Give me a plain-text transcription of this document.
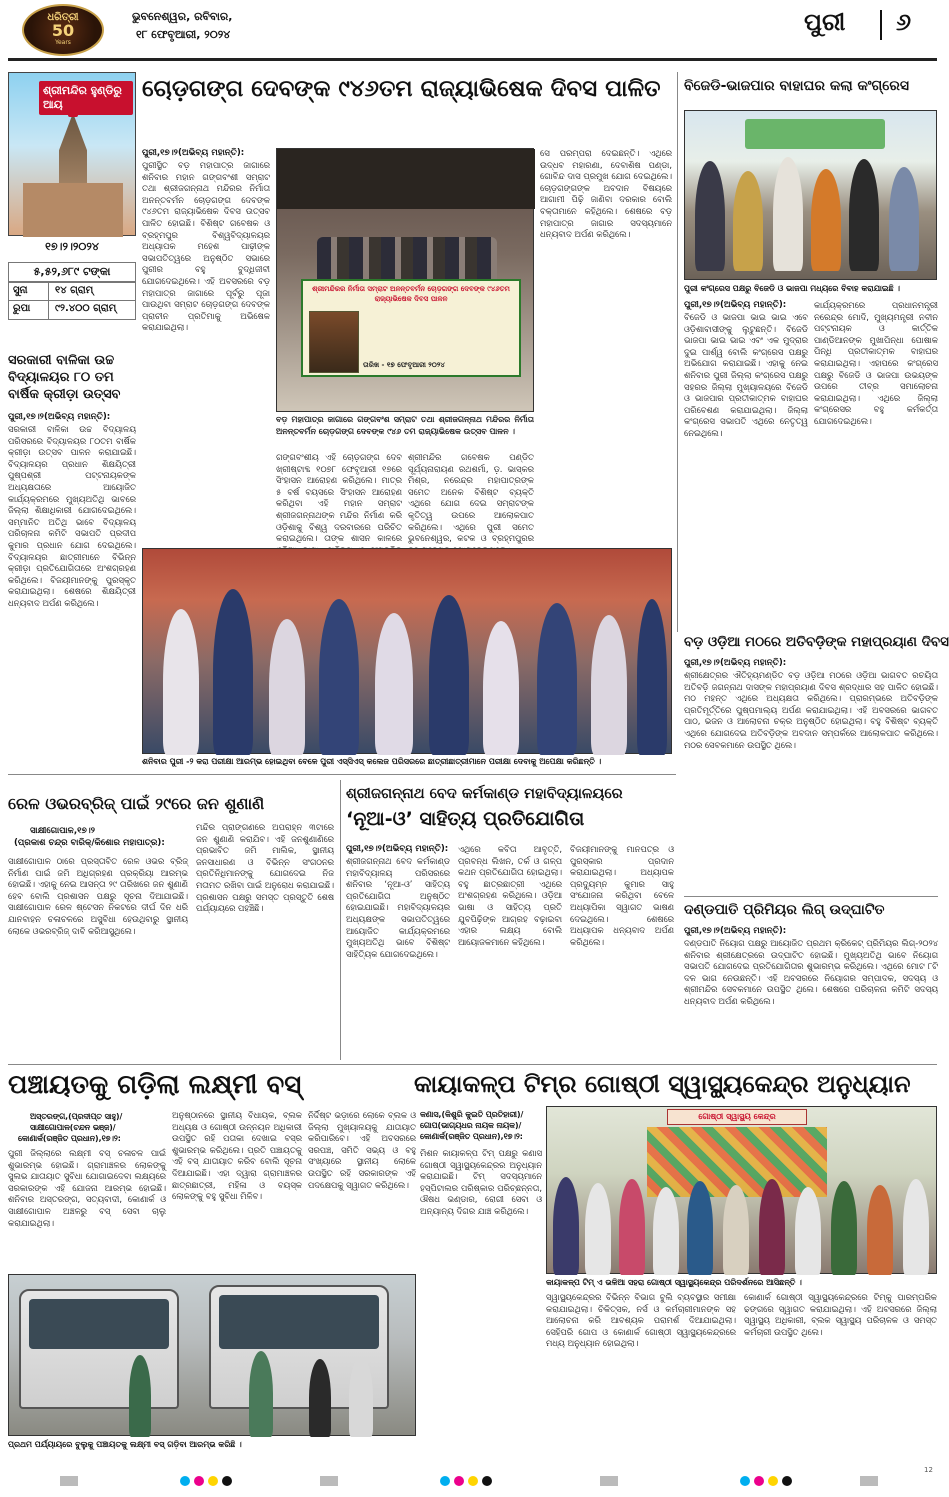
ଧରିତ୍ରୀ
50
Years
ଭୁବନେଶ୍ୱର, ରବିବାର,
୧୮ ଫେବୃଆରୀ, ୨୦୨୪	ପୁରୀ ୬
ଶ୍ରୀମନ୍ଦିର ହୁଣ୍ଡିରୁ ଆୟ
୧୭।୨।୨୦୨୪
୫,୫୨,୬୮୯ ଟଙ୍କା
ସୁନା	୧୪ ଗ୍ରାମ୍
ରୁପା	୯୨.୪୦୦ ଗ୍ରାମ୍
ଚୋଡ଼ଗଙ୍ଗ ଦେବଙ୍କ ୯୪୬ତମ ରାଜ୍ୟାଭିଷେକ ଦିବସ ପାଳିତ
ପୁରୀ,୧୭।୨(ଅଭିବ୍ୟ ମହାନ୍ତି):
ପୁରୀସ୍ଥିତ ବଡ଼ ମହାପାତ୍ର ଜାଗାରେ ଶନିବାର ମହାନ ଗଙ୍ଗବଂଶୀ ସମ୍ରାଟ ତଥା ଶ୍ରୀଜଗନ୍ନାଥ ମନ୍ଦିରର ନିର୍ମାତା ଅନନ୍ତବର୍ମନ ଚୋଡ଼ଗଙ୍ଗ ଦେବଙ୍କ ୯୪୬ତମ ରାଜ୍ୟାଭିଷେକ ଦିବସ ଉତ୍ସବ ପାଳିତ ହୋଇଛି। ବିଶିଷ୍ଟ ଗବେଷକ ଓ ବ୍ରହ୍ମପୁର ବିଶ୍ୱବିଦ୍ୟାଳୟର ଅଧ୍ୟାପକ ମହେଶ ପାଢ଼ୀଙ୍କ ସଭାପତିତ୍ୱରେ ଅନୁଷ୍ଠିତ ସଭାରେ ପୁରୀର ବହୁ ବୁଦ୍ଧିଜୀବୀ ଯୋଗଦେଇଥିଲେ। ଏହି ଅବସରରେ ବଡ଼ ମହାପାତ୍ର ଜାଗାରେ ପୂର୍ବରୁ ପୂଜା ପାଉଥିବା ସମ୍ରାଟ ଚୋଡ଼ଗଙ୍ଗ ଦେବଙ୍କ ପ୍ରାଚୀନ ପ୍ରତିମାକୁ ଅଭିଷେକ କରାଯାଇଥିଲା।
ଶ୍ରୀମନ୍ଦିରର ନିର୍ମାତା ସମ୍ରାଟ ଅନନ୍ତବର୍ମନ ଚୋଡ଼ଗଙ୍ଗ ଦେବଙ୍କ ୯୪୬ତମ ରାଜ୍ୟାଭିଷେକ ଦିବସ ପାଳନ
ତାରିଖ - ୧୭ ଫେବୃଆରୀ ୨୦୨୪
ବଡ଼ ମହାପାତ୍ର ଜାଗାରେ ଗଙ୍ଗବଂଶ ସମ୍ରାଟ ତଥା ଶ୍ରୀଜଗନ୍ନାଥ ମନ୍ଦିରର ନିର୍ମାତା ଅନନ୍ତବର୍ମନ ଚୋଡ଼ଗଙ୍ଗ ଦେବଙ୍କ ୯୪୬ ତମ ରାଜ୍ୟାଭିଷେକ ଉତ୍ସବ ପାଳନ ।
ଗଙ୍ଗବଂଶୀୟ ଏହି ଚୋଡ଼ଗଙ୍ଗ ଦେବ ଖ୍ରୀଷ୍ଟାବ୍ଦ ୧୦୭୮ ଫେବୃଆରୀ ୧୭ରେ ସିଂହାସନ ଆରୋହଣ କରିଥିଲେ। ମାତ୍ର ୫ ବର୍ଷ ବୟସରେ ସିଂହାସନ ଆରୋହଣ କରିଥିବା ଏହି ମହାନ ସମ୍ରାଟ ଶ୍ରୀଜଗନ୍ନାଥଙ୍କ ମନ୍ଦିର ନିର୍ମାଣ କରି ଓଡ଼ିଶାକୁ ବିଶ୍ୱ ଦରବାରରେ ପରିଚିତ କରାଇଥିଲେ। ତାଙ୍କ ଶାସନ କାଳରେ
ଶ୍ରୀମନ୍ଦିର ଗବେଷକ ପଣ୍ଡିତ ସୂର୍ଯ୍ୟନାରାୟଣ ରଥଶର୍ମା, ଡ଼. ଭାସ୍କର ମିଶ୍ର, ନରେନ୍ଦ୍ର ମହାପାତ୍ରଙ୍କ ସମେତ ଅନେକ ବିଶିଷ୍ଟ ବ୍ୟକ୍ତି ଏଥିରେ ଯୋଗ ଦେଇ ସମ୍ରାଟଙ୍କ କୃତିତ୍ୱ ଉପରେ ଆଲୋକପାତ କରିଥିଲେ। ଏଥିରେ ପୁରୀ ସମେତ ଭୁବନେଶ୍ୱର, କଟକ ଓ ବ୍ରହ୍ମପୁରର
ସେ ପରମ୍ପରା ଦେଇଛନ୍ତି। ଏଥିରେ ଉଦ୍ଧବ ମହାରଣା, ଦେବାଶିଷ ପଣ୍ଡା, ଗୋବିନ୍ଦ ଦାସ ପ୍ରମୁଖ ଯୋଗ ଦେଇଥିଲେ। ଚୋଡ଼ଗଙ୍ଗଙ୍କ ଅବଦାନ ବିଷୟରେ ଆଗାମୀ ପିଢ଼ି ଜାଣିବା ଦରକାର ବୋଲି ବକ୍ତାମାନେ କହିଥିଲେ। ଶେଷରେ ବଡ଼ ମହାପାତ୍ର ଜାଗାର ସଦସ୍ୟମାନେ ଧନ୍ୟବାଦ ଅର୍ପଣ କରିଥିଲେ।
ବିଜେଡି-ଭାଜପାର ବାହାଘର କଲା କଂଗ୍ରେସ
ପୁରୀ କଂଗ୍ରେସ ପକ୍ଷରୁ ବିଜେଡି ଓ ଭାଜପା ମଧ୍ୟରେ ବିବାହ କରାଯାଇଛି ।
ପୁରୀ,୧୭।୨(ଅଭିବ୍ୟ ମହାନ୍ତି):
ବିଜେଡି ଓ ଭାଜପା ଭାଇ ଭାଇ ଏବେ ଓଡ଼ିଶାବାସୀଙ୍କୁ ଲୁଟୁଛନ୍ତି। ବିଜେଡି ଭାଜପା ଭାଇ ଭାଇ ଏବଂ ଏକ ମୁଦ୍ରାର ଦୁଇ ପାର୍ଶ୍ୱ ବୋଲି କଂଗ୍ରେସ ପକ୍ଷରୁ ଅଭିଯୋଗ କରାଯାଇଛି। ଏହାକୁ ନେଇ ଶନିବାର ପୁରୀ ଜିଲ୍ଲା କଂଗ୍ରେସ ପକ୍ଷରୁ ସହରର ଜିଲ୍ଲା ମୁଖ୍ୟାଳୟରେ ବିଜେଡି ଓ ଭାଜପାର ପ୍ରତୀକାତ୍ମକ ବାହାଘର ପରିବେଶଣ କରାଯାଇଥିଲା। ଜିଲ୍ଲା କଂଗ୍ରେସ ସଭାପତି ଏଥିରେ ନେତୃତ୍ୱ ନେଇଥିଲେ।
କାର୍ଯ୍ୟକ୍ରମରେ ପ୍ରଧାନମନ୍ତ୍ରୀ ନରେନ୍ଦ୍ର ମୋଦି, ମୁଖ୍ୟମନ୍ତ୍ରୀ ନବୀନ ପଟ୍ଟନାୟକ ଓ କାର୍ତ୍ତିକ ପାଣ୍ଡିଆନଙ୍କ ମୁଖାପିନ୍ଧା ପୋଷାକ ପିନ୍ଧି ପ୍ରତୀକାତ୍ମକ ବାହାଘର କରାଯାଇଥିଲା। ଏହାପରେ କଂଗ୍ରେସ ପକ୍ଷରୁ ବିଜେଡି ଓ ଭାଜପା ଉଭୟଙ୍କ ଉପରେ ତୀବ୍ର ସମାଲୋଚନା କରାଯାଇଥିଲା। ଏଥିରେ ଜିଲ୍ଲା କଂଗ୍ରେସର ବହୁ କର୍ମକର୍ତ୍ତା ଯୋଗଦେଇଥିଲେ।
ସରକାରୀ ବାଳିକା ଉଚ୍ଚ ବିଦ୍ୟାଳୟର ୮୦ ତମ ବାର୍ଷିକ କ୍ରୀଡ଼ା ଉତ୍ସବ
ପୁରୀ,୧୭।୨(ଅଭିବ୍ୟ ମହାନ୍ତି):
ସରକାରୀ ବାଳିକା ଉଚ୍ଚ ବିଦ୍ୟାଳୟ ପରିସରରେ ବିଦ୍ୟାଳୟର ୮୦ତମ ବାର୍ଷିକ କ୍ରୀଡ଼ା ଉତ୍ସବ ପାଳନ କରାଯାଇଛି। ବିଦ୍ୟାଳୟର ପ୍ରଧାନ ଶିକ୍ଷୟିତ୍ରୀ ପୁଷ୍ପଶ୍ରୀ ପଟ୍ଟନାୟକଙ୍କ ଅଧ୍ୟକ୍ଷତାରେ ଆୟୋଜିତ କାର୍ଯ୍ୟକ୍ରମରେ ମୁଖ୍ୟଅତିଥି ଭାବରେ ଜିଲ୍ଲା ଶିକ୍ଷାଧିକାରୀ ଯୋଗଦେଇଥିଲେ। ସମ୍ମାନିତ ଅତିଥି ଭାବେ ବିଦ୍ୟାଳୟ ପରିଚାଳନା କମିଟି ସଭାପତି ପ୍ରଦୀପ କୁମାର ପ୍ରଧାନ ଯୋଗ ଦେଇଥିଲେ। ବିଦ୍ୟାଳୟର ଛାତ୍ରୀମାନେ ବିଭିନ୍ନ କ୍ରୀଡ଼ା ପ୍ରତିଯୋଗିତାରେ ଅଂଶଗ୍ରହଣ କରିଥିଲେ। ବିଜୟୀମାନଙ୍କୁ ପୁରସ୍କୃତ କରାଯାଇଥିଲା। ଶେଷରେ ଶିକ୍ଷୟିତ୍ରୀ ଧନ୍ୟବାଦ ଅର୍ପଣ କରିଥିଲେ।
ଶନିବାର ପୁରୀ -୨ କରା ପରୀକ୍ଷା ଆରମ୍ଭ ହୋଇଥିବା ବେଳେ ପୁରୀ ଏସ୍‌ସିଏସ୍ କଲେଜ ପରିସରରେ ଛାତ୍ରୀଛାତ୍ରୀମାନେ ପରୀକ୍ଷା ଦେବାକୁ ଅପେକ୍ଷା କରିଛନ୍ତି ।
ବଡ଼ ଓଡ଼ିଆ ମଠରେ ଅତିବଡ଼ିଙ୍କ ମହାପ୍ରୟାଣ ଦିବସ
ପୁରୀ,୧୭।୨(ଅଭିବ୍ୟ ମହାନ୍ତି):
ଶ୍ରୀକ୍ଷେତ୍ରର ଐତିହ୍ୟମଣ୍ଡିତ ବଡ଼ ଓଡ଼ିଆ ମଠରେ ଓଡ଼ିଆ ଭାଗବତ ରଚୟିତା ଅତିବଡ଼ି ଜଗନ୍ନାଥ ଦାସଙ୍କ ମହାପ୍ରୟାଣ ଦିବସ ଶ୍ରଦ୍ଧାର ସହ ପାଳିତ ହୋଇଛି। ମଠ ମହନ୍ତ ଏଥିରେ ଅଧ୍ୟକ୍ଷତା କରିଥିଲେ। ପ୍ରାରମ୍ଭରେ ଅତିବଡ଼ିଙ୍କ ପ୍ରତିମୂର୍ତ୍ତିରେ ପୁଷ୍ପମାଲ୍ୟ ଅର୍ପଣ କରାଯାଇଥିଲା। ଏହି ଅବସରରେ ଭାଗବତ ପାଠ, ଭଜନ ଓ ଆଲୋଚନା ଚକ୍ର ଅନୁଷ୍ଠିତ ହୋଇଥିଲା। ବହୁ ବିଶିଷ୍ଟ ବ୍ୟକ୍ତି ଏଥିରେ ଯୋଗଦେଇ ଅତିବଡ଼ିଙ୍କ ଅବଦାନ ସମ୍ପର୍କରେ ଆଲୋକପାତ କରିଥିଲେ। ମଠର ସେବକମାନେ ଉପସ୍ଥିତ ଥିଲେ।
ଦଣ୍ଡପାତି ପ୍ରିମିୟର ଲିଗ୍ ଉଦ୍‌ଘାଟିତ
ପୁରୀ,୧୭।୨(ଅଭିବ୍ୟ ମହାନ୍ତି):
ଦଣ୍ଡପାତି ନିୟୋଗ ପକ୍ଷରୁ ଆୟୋଜିତ ପ୍ରଥମ କ୍ରିକେଟ୍ ପ୍ରିମିୟର ଲିଗ୍-୨୦୨୪ ଶନିବାର ଶ୍ରୀକ୍ଷେତ୍ରରେ ଉଦ୍‌ଘାଟିତ ହୋଇଛି। ମୁଖ୍ୟଅତିଥି ଭାବେ ନିୟୋଗ ସଭାପତି ଯୋଗଦେଇ ପ୍ରତିଯୋଗିତାର ଶୁଭାରମ୍ଭ କରିଥିଲେ। ଏଥିରେ ମୋଟ ୮ଟି ଦଳ ଭାଗ ନେଉଛନ୍ତି। ଏହି ଅବସରରେ ନିୟୋଗର ସମ୍ପାଦକ, ସଦସ୍ୟ ଓ ଶ୍ରୀମନ୍ଦିର ସେବକମାନେ ଉପସ୍ଥିତ ଥିଲେ। ଶେଷରେ ପରିଚାଳନା କମିଟି ସଦସ୍ୟ ଧନ୍ୟବାଦ ଅର୍ପଣ କରିଥିଲେ।
ରେଳ ଓଭରବ୍ରିଜ୍ ପାଇଁ ୨୯ରେ ଜନ ଶୁଣାଣି
ସାକ୍ଷୀଗୋପାଳ,୧୭।୨
(ପ୍ରକାଶ ଚନ୍ଦ୍ର ବାରିକ୍‌/କିଶୋର ମହାପାତ୍ର):
ସାକ୍ଷୀଗୋପାଳ ଠାରେ ପ୍ରସ୍ତାବିତ ରେଳ ଓଭର ବ୍ରିଜ୍ ନିର୍ମାଣ ପାଇଁ ଜମି ଅଧିଗ୍ରହଣ ପ୍ରକ୍ରିୟା ଆରମ୍ଭ ହୋଇଛି। ଏହାକୁ ନେଇ ଆସନ୍ତା ୨୯ ତାରିଖରେ ଜନ ଶୁଣାଣି ହେବ ବୋଲି ପ୍ରଶାସନ ପକ୍ଷରୁ ସୂଚନା ଦିଆଯାଇଛି। ସାକ୍ଷୀଗୋପାଳ ରେଳ ଷ୍ଟେସନ ନିକଟରେ ଦୀର୍ଘ ଦିନ ଧରି ଯାନବାହନ ଚଳାଚଳରେ ଅସୁବିଧା ହେଉଥିବାରୁ ସ୍ଥାନୀୟ ଲୋକେ ଓଭରବ୍ରିଜ୍ ଦାବି କରିଆସୁଥିଲେ।
ମନ୍ଦିର ପ୍ରାଙ୍ଗଣରେ ଅପରାହ୍ନ ୩ଟାରେ ଜନ ଶୁଣାଣି କରାଯିବ। ଏହି ଜନଶୁଣାଣିରେ ପ୍ରଭାବିତ ଜମି ମାଲିକ, ସ୍ଥାନୀୟ ଜନସାଧାରଣ ଓ ବିଭିନ୍ନ ସଂଗଠନର ପ୍ରତିନିଧିମାନଙ୍କୁ ଯୋଗଦେଇ ନିଜ ମତାମତ ରଖିବା ପାଇଁ ଅନୁରୋଧ କରାଯାଇଛି। ପ୍ରଶାସନ ପକ୍ଷରୁ ସମସ୍ତ ପ୍ରସ୍ତୁତି ଶେଷ ପର୍ଯ୍ୟାୟରେ ପହଞ୍ଚିଛି।
ଶ୍ରୀଜଗନ୍ନାଥ ବେଦ କର୍ମକାଣ୍ଡ ମହାବିଦ୍ୟାଳୟରେ
‘ନୂଆ-ଓ’ ସାହିତ୍ୟ ପ୍ରତିଯୋଗିତା
ପୁରୀ,୧୭।୨(ଅଭିବ୍ୟ ମହାନ୍ତି):
ଶ୍ରୀଜଗନ୍ନାଥ ବେଦ କର୍ମକାଣ୍ଡ ମହାବିଦ୍ୟାଳୟ ପରିସରରେ ଶନିବାର ‘ନୂଆ-ଓ’ ସାହିତ୍ୟ ପ୍ରତିଯୋଗିତା ଅନୁଷ୍ଠିତ ହୋଇଯାଇଛି। ମହାବିଦ୍ୟାଳୟର ଅଧ୍ୟକ୍ଷଙ୍କ ସଭାପତିତ୍ୱରେ ଆୟୋଜିତ କାର୍ଯ୍ୟକ୍ରମରେ ମୁଖ୍ୟଅତିଥି ଭାବେ ବିଶିଷ୍ଟ ସାହିତ୍ୟିକ ଯୋଗଦେଇଥିଲେ।
ଏଥିରେ କବିତା ଆବୃତ୍ତି, ପ୍ରବନ୍ଧ ଲିଖନ, ତର୍କ ଓ ଗଳ୍ପ କଥନ ପ୍ରତିଯୋଗିତା ହୋଇଥିଲା। ବହୁ ଛାତ୍ରଛାତ୍ରୀ ଏଥିରେ ଅଂଶଗ୍ରହଣ କରିଥିଲେ। ଓଡ଼ିଆ ଭାଷା ଓ ସାହିତ୍ୟ ପ୍ରତି ଯୁବପିଢ଼ିଙ୍କ ଆଗ୍ରହ ବଢ଼ାଇବା ଏହାର ଲକ୍ଷ୍ୟ ବୋଲି ଆୟୋଜକମାନେ କହିଥିଲେ।
ବିଜୟୀମାନଙ୍କୁ ମାନପତ୍ର ଓ ପୁରସ୍କାର ପ୍ରଦାନ କରାଯାଇଥିଲା। ଅଧ୍ୟାପକ ପ୍ରଦ୍ୟୁମ୍ନ କୁମାର ସାହୁ ସଂଯୋଜନା କରିଥିବା ବେଳେ ଅଧ୍ୟାପିକା ସ୍ୱାଗତ ଭାଷଣ ଦେଇଥିଲେ। ଶେଷରେ ଅଧ୍ୟାପକ ଧନ୍ୟବାଦ ଅର୍ପଣ କରିଥିଲେ।
ପଞ୍ଚାୟତକୁ ଗଡ଼ିଲା ଲକ୍ଷ୍ମୀ ବସ୍	କାୟାକଳ୍ପ ଟିମ୍‌ର ଗୋଷ୍ଠୀ ସ୍ୱାସ୍ଥ୍ୟକେନ୍ଦ୍ର ଅନୁଧ୍ୟାନ
ଅସ୍ତରଙ୍ଗ,(ପ୍ରଦୀପ୍ତ ସାହୁ)/
ସାକ୍ଷୀଗୋପାଳ(ଚନ୍ଦନ ଭଞ୍ଜ)/
କୋଣାର୍କ(ରଞ୍ଜିତ ପ୍ରଧାନ),୧୭।୨:
ପୁରୀ ଜିଲ୍ଲାରେ ଲକ୍ଷ୍ମୀ ବସ୍ ଚଳାଚଳ ପାଇଁ ଶୁଭାରମ୍ଭ ହୋଇଛି। ଗ୍ରାମାଞ୍ଚଳର ଲୋକଙ୍କୁ ସୁଲଭ ଯାତାୟାତ ସୁବିଧା ଯୋଗାଇଦେବା ଲକ୍ଷ୍ୟରେ ସରକାରଙ୍କ ଏହି ଯୋଜନା ଆରମ୍ଭ ହୋଇଛି। ଶନିବାର ଅସ୍ତରଙ୍ଗ, ସତ୍ୟବାଦୀ, କୋଣାର୍କ ଓ ସାକ୍ଷୀଗୋପାଳ ଅଞ୍ଚଳରୁ ବସ୍ ସେବା ଚାଲୁ କରାଯାଇଥିଲା।
ଅନୁଷ୍ଠାନରେ ସ୍ଥାନୀୟ ବିଧାୟକ, ବ୍ଲକ ଅଧ୍ୟକ୍ଷ ଓ ଗୋଷ୍ଠୀ ଉନ୍ନୟନ ଅଧିକାରୀ ଉପସ୍ଥିତ ରହି ପତାକା ଦେଖାଇ ବସ୍‌ର ଶୁଭାରମ୍ଭ କରିଥିଲେ। ପ୍ରତି ପଞ୍ଚାୟତକୁ ଏହି ବସ୍ ଯାତାୟାତ କରିବ ବୋଲି ସୂଚନା ଦିଆଯାଇଛି। ଏହା ଦ୍ୱାରା ଗ୍ରାମାଞ୍ଚଳର ଛାତ୍ରଛାତ୍ରୀ, ମହିଳା ଓ ବୟସ୍କ ଲୋକଙ୍କୁ ବହୁ ସୁବିଧା ମିଳିବ।
ନିର୍ଦ୍ଦିଷ୍ଟ ଭଡ଼ାରେ ଲୋକେ ବ୍ଲକ ଓ ଜିଲ୍ଲା ମୁଖ୍ୟାଳୟକୁ ଯାତାୟାତ କରିପାରିବେ। ଏହି ଅବସରରେ ସରପଞ୍ଚ, ସମିତି ସଭ୍ୟ ଓ ବହୁ ସଂଖ୍ୟାରେ ସ୍ଥାନୀୟ ଲୋକେ ଉପସ୍ଥିତ ରହି ସରକାରଙ୍କ ଏହି ପଦକ୍ଷେପକୁ ସ୍ୱାଗତ କରିଥିଲେ।
ପ୍ରଥମ ପର୍ଯ୍ୟାୟରେ ବୁଲୁକୁ ପଞ୍ଚାୟତକୁ ଲକ୍ଷ୍ମୀ ବସ୍ ଗଡ଼ିବା ଆରମ୍ଭ କରିଛି ।
କଣାସ,(କିଶୁରି କୁଇତି ପ୍ରତିହାରୀ)/
ଗୋପ(ଭାଗ୍ୟଧର ନାୟକ ନାୟକ)/
କୋଣାର୍କ(ରଞ୍ଜିତ ପ୍ରଧାନ),୧୭।୨:
ମିଶନ କାୟାକଳ୍ପ ଟିମ୍ ପକ୍ଷରୁ କଣାସ ଗୋଷ୍ଠୀ ସ୍ୱାସ୍ଥ୍ୟକେନ୍ଦ୍ରର ଅନୁଧ୍ୟାନ କରାଯାଇଛି। ଟିମ୍ ସଦସ୍ୟମାନେ ହସ୍ପିଟାଲର ପରିଷ୍କାର ପରିଚ୍ଛନ୍ନତା, ଔଷଧ ଭଣ୍ଡାର, ରୋଗୀ ସେବା ଓ ଅନ୍ୟାନ୍ୟ ଦିଗର ଯାଞ୍ଚ କରିଥିଲେ।
ଗୋଷ୍ଠୀ ସ୍ୱାସ୍ଥ୍ୟ କେନ୍ଦ୍ର
କାୟାକଳ୍ପ ଟିମ୍ ଏ ଭଳିଆ ସହରା ଗୋଷ୍ଠୀ ସ୍ୱାସ୍ଥ୍ୟକେନ୍ଦ୍ର ପରିଦର୍ଶନରେ ଆସିଛନ୍ତି ।
ସ୍ୱାସ୍ଥ୍ୟକେନ୍ଦ୍ରର ବିଭିନ୍ନ ବିଭାଗ ବୁଲି ବ୍ୟବସ୍ଥାର ସମୀକ୍ଷା କରାଯାଇଥିଲା। ଚିକିତ୍ସକ, ନର୍ସ ଓ କର୍ମଚାରୀମାନଙ୍କ ସହ ଆଲୋଚନା କରି ଆବଶ୍ୟକ ପରାମର୍ଶ ଦିଆଯାଇଥିଲା। ସେହିପରି ଗୋପ ଓ କୋଣାର୍କ ଗୋଷ୍ଠୀ ସ୍ୱାସ୍ଥ୍ୟକେନ୍ଦ୍ରରେ ମଧ୍ୟ ଅନୁଧ୍ୟାନ ହୋଇଥିଲା।
କୋଣାର୍କ ଗୋଷ୍ଠୀ ସ୍ୱାସ୍ଥ୍ୟକେନ୍ଦ୍ରରେ ଟିମ୍‌କୁ ପାରମ୍ପରିକ ଢଙ୍ଗରେ ସ୍ୱାଗତ କରାଯାଇଥିଲା। ଏହି ଅବସରରେ ଜିଲ୍ଲା ସ୍ୱାସ୍ଥ୍ୟ ଅଧିକାରୀ, ବ୍ଲକ ସ୍ୱାସ୍ଥ୍ୟ ପରିଚାଳକ ଓ ସମସ୍ତ କର୍ମଚାରୀ ଉପସ୍ଥିତ ଥିଲେ।
12
